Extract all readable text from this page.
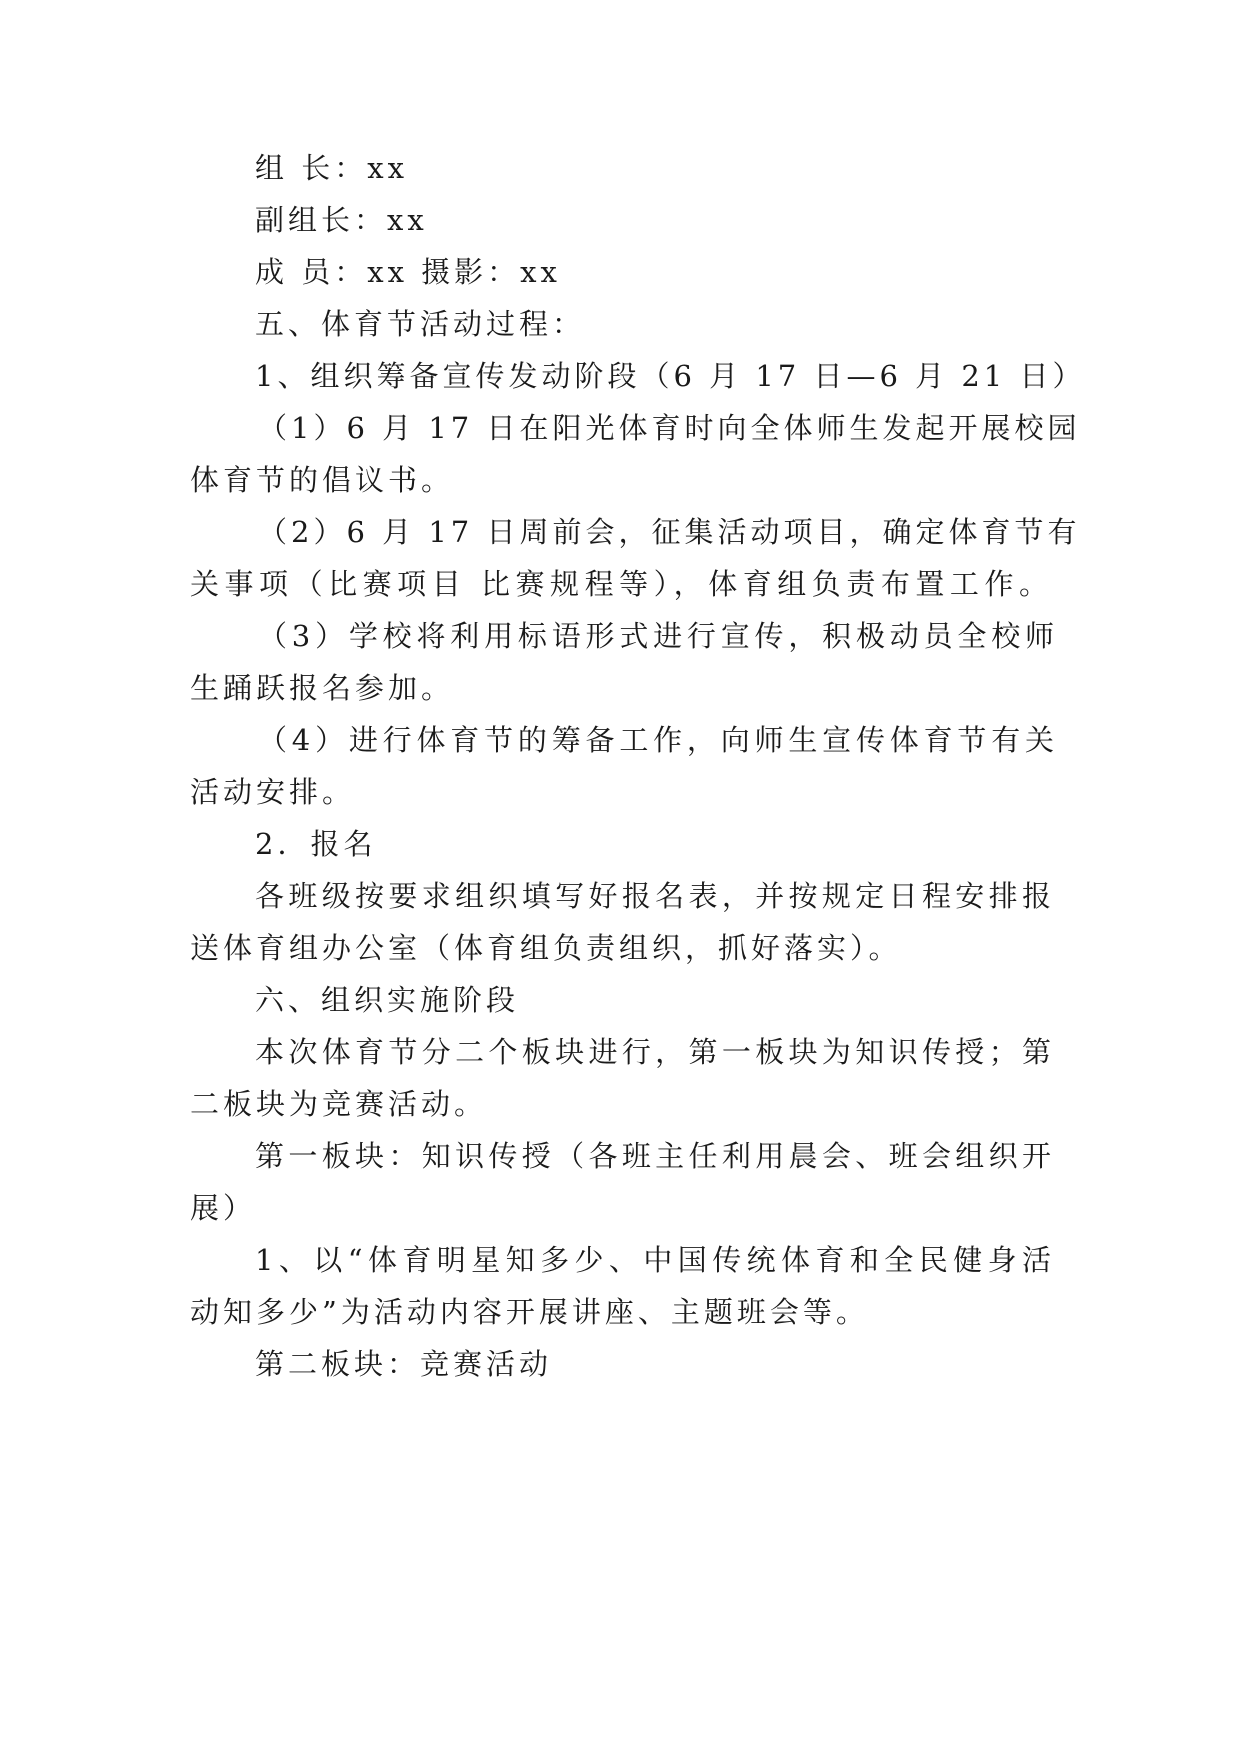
组 长：xx
副组长：xx
成 员：xx 摄影：xx
五、体育节活动过程：
1、组织筹备宣传发动阶段（6 月 17 日—6 月 21 日）
（1）6 月 17 日在阳光体育时向全体师生发起开展校园
体育节的倡议书。
（2）6 月 17 日周前会，征集活动项目，确定体育节有
关事项（比赛项目 比赛规程等），体育组负责布置工作。
（3）学校将利用标语形式进行宣传，积极动员全校师
生踊跃报名参加。
（4）进行体育节的筹备工作，向师生宣传体育节有关
活动安排。
2．报名
各班级按要求组织填写好报名表，并按规定日程安排报
送体育组办公室（体育组负责组织，抓好落实）。
六、组织实施阶段
本次体育节分二个板块进行，第一板块为知识传授；第
二板块为竞赛活动。
第一板块：知识传授（各班主任利用晨会、班会组织开
展）
1、以“体育明星知多少、中国传统体育和全民健身活
动知多少”为活动内容开展讲座、主题班会等。
第二板块：竞赛活动
